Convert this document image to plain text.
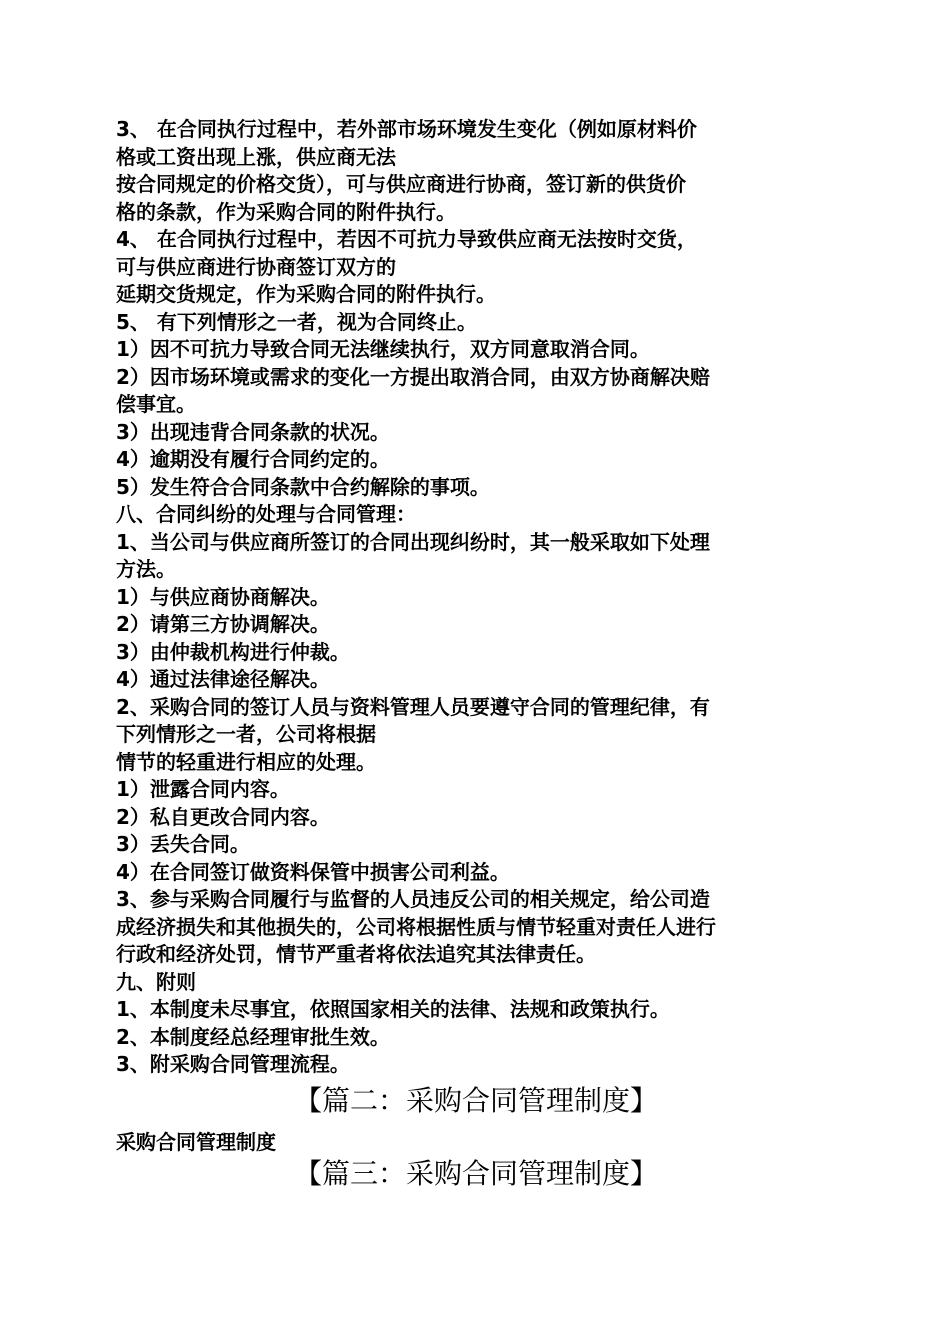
3、 在合同执行过程中，若外部市场环境发生变化（例如原材料价
格或工资出现上涨，供应商无法
按合同规定的价格交货），可与供应商进行协商，签订新的供货价
格的条款，作为采购合同的附件执行。
4、 在合同执行过程中，若因不可抗力导致供应商无法按时交货，
可与供应商进行协商签订双方的
延期交货规定，作为采购合同的附件执行。
5、 有下列情形之一者，视为合同终止。
1）因不可抗力导致合同无法继续执行，双方同意取消合同。
2）因市场环境或需求的变化一方提出取消合同，由双方协商解决赔
偿事宜。
3）出现违背合同条款的状况。
4）逾期没有履行合同约定的。
5）发生符合合同条款中合约解除的事项。
八、合同纠纷的处理与合同管理：
1、当公司与供应商所签订的合同出现纠纷时，其一般采取如下处理
方法。
1）与供应商协商解决。
2）请第三方协调解决。
3）由仲裁机构进行仲裁。
4）通过法律途径解决。
2、采购合同的签订人员与资料管理人员要遵守合同的管理纪律，有
下列情形之一者，公司将根据
情节的轻重进行相应的处理。
1）泄露合同内容。
2）私自更改合同内容。
3）丢失合同。
4）在合同签订做资料保管中损害公司利益。
3、参与采购合同履行与监督的人员违反公司的相关规定，给公司造
成经济损失和其他损失的，公司将根据性质与情节轻重对责任人进行
行政和经济处罚，情节严重者将依法追究其法律责任。
九、附则
1、本制度未尽事宜，依照国家相关的法律、法规和政策执行。
2、本制度经总经理审批生效。
3、附采购合同管理流程。
【篇二：采购合同管理制度】
采购合同管理制度
【篇三：采购合同管理制度】
